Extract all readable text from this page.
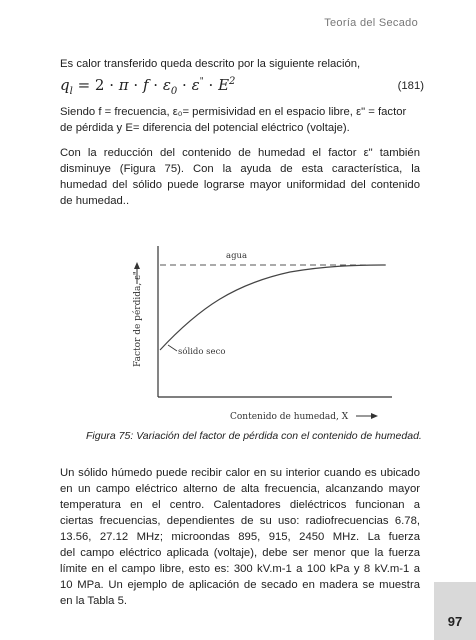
Teoría del Secado

Es calor transferido queda descrito por la siguiente relación,

$q_l = 2 \cdot \pi \cdot f \cdot \varepsilon_0 \cdot \varepsilon^" \cdot E^2$	(181)
Siendo f = frecuencia, ε₀= permisividad en el espacio libre, ε" = factor
de pérdida y E= diferencia del potencial eléctrico (voltaje).
Con la reducción del contenido de humedad el factor ε" también
disminuye (Figura 75). Con la ayuda de esta característica, la
humedad del sólido puede lograrse mayor uniformidad del contenido
de humedad..
agua
sólido seco
Factor de pérdida, ε"
Contenido de humedad, X
Figura 75: Variación del factor de pérdida con el contenido de humedad.
Un sólido húmedo puede recibir calor en su interior cuando es ubicado
en un campo eléctrico alterno de alta frecuencia, alcanzando mayor
temperatura en el centro. Calentadores dieléctricos funcionan a
ciertas frecuencias, dependientes de su uso: radiofrecuencias 6.78,
13.56, 27.12 MHz; microondas 895, 915, 2450 MHz. La fuerza
del campo eléctrico aplicada (voltaje), debe ser menor que la fuerza
límite en el campo libre, esto es: 300 kV.m-1 a 100 kPa y 8 kV.m-1 a
10 MPa. Un ejemplo de aplicación de secado en madera se muestra
en la Tabla 5.
97
